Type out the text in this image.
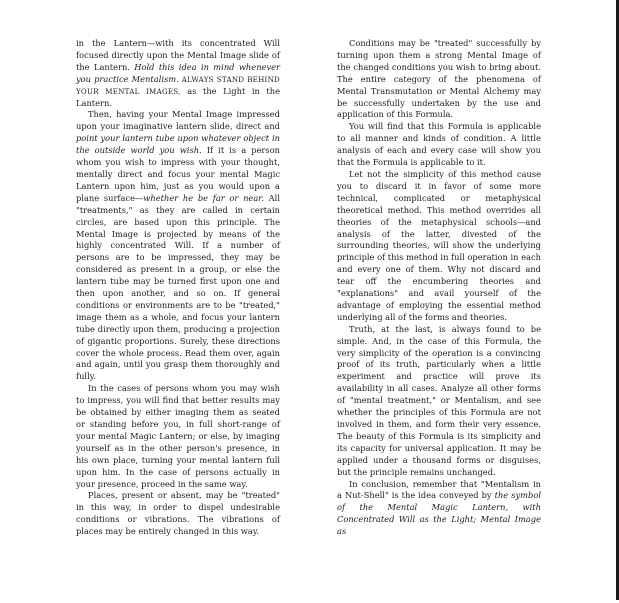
in the Lantern—with its concentrated Will focused directly upon the Mental Image slide of the Lantern. Hold this idea in mind whenever you practice Mentalism. ALWAYS STAND BEHIND YOUR MENTAL IMAGES, as the Light in the Lantern.

Then, having your Mental Image impressed upon your imaginative lantern slide, direct and point your lantern tube upon whatever object in the outside world you wish. If it is a person whom you wish to impress with your thought, mentally direct and focus your mental Magic Lantern upon him, just as you would upon a plane surface—whether he be far or near. All "treatments," as they are called in certain circles, are based upon this principle. The Mental Image is projected by means of the highly concentrated Will. If a number of persons are to be impressed, they may be considered as present in a group, or else the lantern tube may be turned first upon one and then upon another, and so on. If general conditions or environments are to be "treated," image them as a whole, and focus your lantern tube directly upon them, producing a projection of gigantic proportions. Surely, these directions cover the whole process. Read them over, again and again, until you grasp them thoroughly and fully.

In the cases of persons whom you may wish to impress, you will find that better results may be obtained by either imaging them as seated or standing before you, in full short-range of your mental Magic Lantern; or else, by imaging yourself as in the other person's presence, in his own place, turning your mental lantern full upon him. In the case of persons actually in your presence, proceed in the same way.

Places, present or absent, may be "treated" in this way, in order to dispel undesirable conditions or vibrations. The vibrations of places may be entirely changed in this way.

Conditions may be "treated" successfully by turning upon them a strong Mental Image of the changed conditions you wish to bring about. The entire category of the phenomena of Mental Transmutation or Mental Alchemy may be successfully undertaken by the use and application of this Formula.

You will find that this Formula is applicable to all manner and kinds of condition. A little analysis of each and every case will show you that the Formula is applicable to it.

Let not the simplicity of this method cause you to discard it in favor of some more technical, complicated or metaphysical theoretical method. This method overrides all theories of the metaphysical schools—and analysis of the latter, divested of the surrounding theories, will show the underlying principle of this method in full operation in each and every one of them. Why not discard and tear off the encumbering theories and "explanations" and avail yourself of the advantage of employing the essential method underlying all of the forms and theories.

Truth, at the last, is always found to be simple. And, in the case of this Formula, the very simplicity of the operation is a convincing proof of its truth, particularly when a little experiment and practice will prove its availability in all cases. Analyze all other forms of "mental treatment," or Mentalism, and see whether the principles of this Formula are not involved in them, and form their very essence. The beauty of this Formula is its simplicity and its capacity for universal application. It may be applied under a thousand forms or disguises, but the principle remains unchanged.

In conclusion, remember that "Mentalism in a Nut-Shell" is the idea conveyed by the symbol of the Mental Magic Lantern, with Concentrated Will as the Light; Mental Image as
